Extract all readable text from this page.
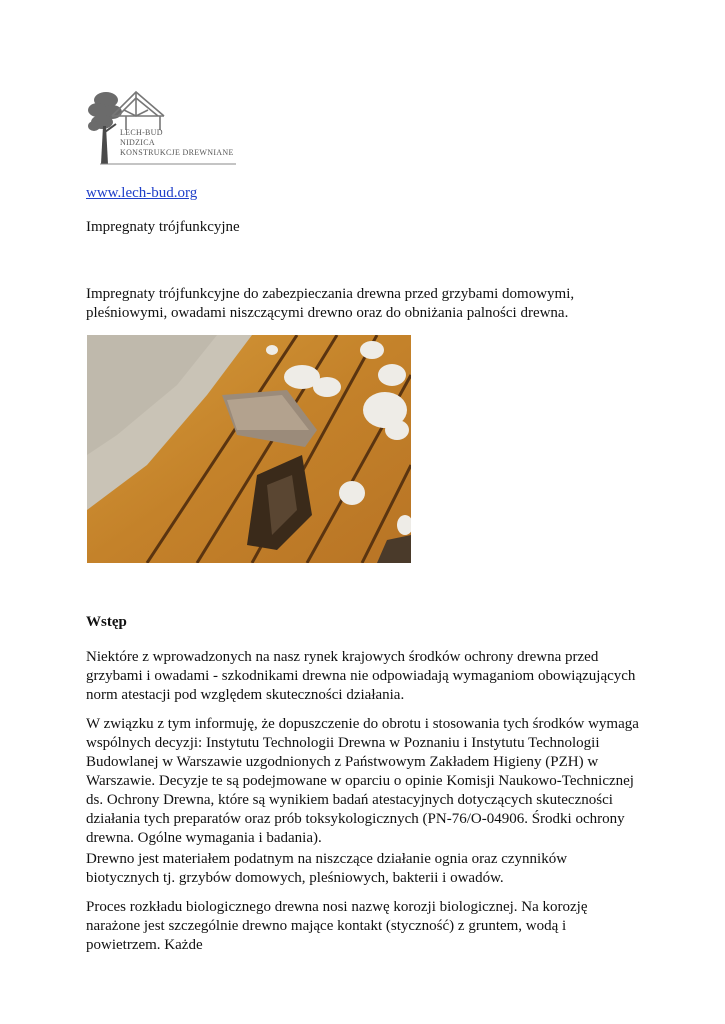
LECH-BUD
NIDZICA
KONSTRUKCJE DREWNIANE

www.lech-bud.org

Impregnaty trójfunkcyjne

Impregnaty trójfunkcyjne do zabezpieczania drewna przed grzybami domowymi, pleśniowymi, owadami niszczącymi drewno oraz do obniżania palności drewna.

Wstęp

Niektóre z wprowadzonych na nasz rynek krajowych środków ochrony drewna przed grzybami i owadami - szkodnikami drewna nie odpowiadają wymaganiom obowiązujących norm atestacji pod względem skuteczności działania.

W związku z tym informuję, że dopuszczenie do obrotu i stosowania tych środków wymaga wspólnych decyzji: Instytutu Technologii Drewna w Poznaniu i Instytutu Technologii Budowlanej w Warszawie uzgodnionych z Państwowym Zakładem Higieny (PZH) w Warszawie. Decyzje te są podejmowane w oparciu o opinie Komisji Naukowo-Technicznej ds. Ochrony Drewna, które są wynikiem badań atestacyjnych dotyczących skuteczności działania tych preparatów oraz prób toksykologicznych (PN-76/O-04906. Środki ochrony drewna. Ogólne wymagania i badania).

Drewno jest materiałem podatnym na niszczące działanie ognia oraz czynników biotycznych tj. grzybów domowych, pleśniowych, bakterii i owadów.

Proces rozkładu biologicznego drewna nosi nazwę korozji biologicznej. Na korozję narażone jest szczególnie drewno mające kontakt (styczność) z gruntem, wodą i powietrzem. Każde
